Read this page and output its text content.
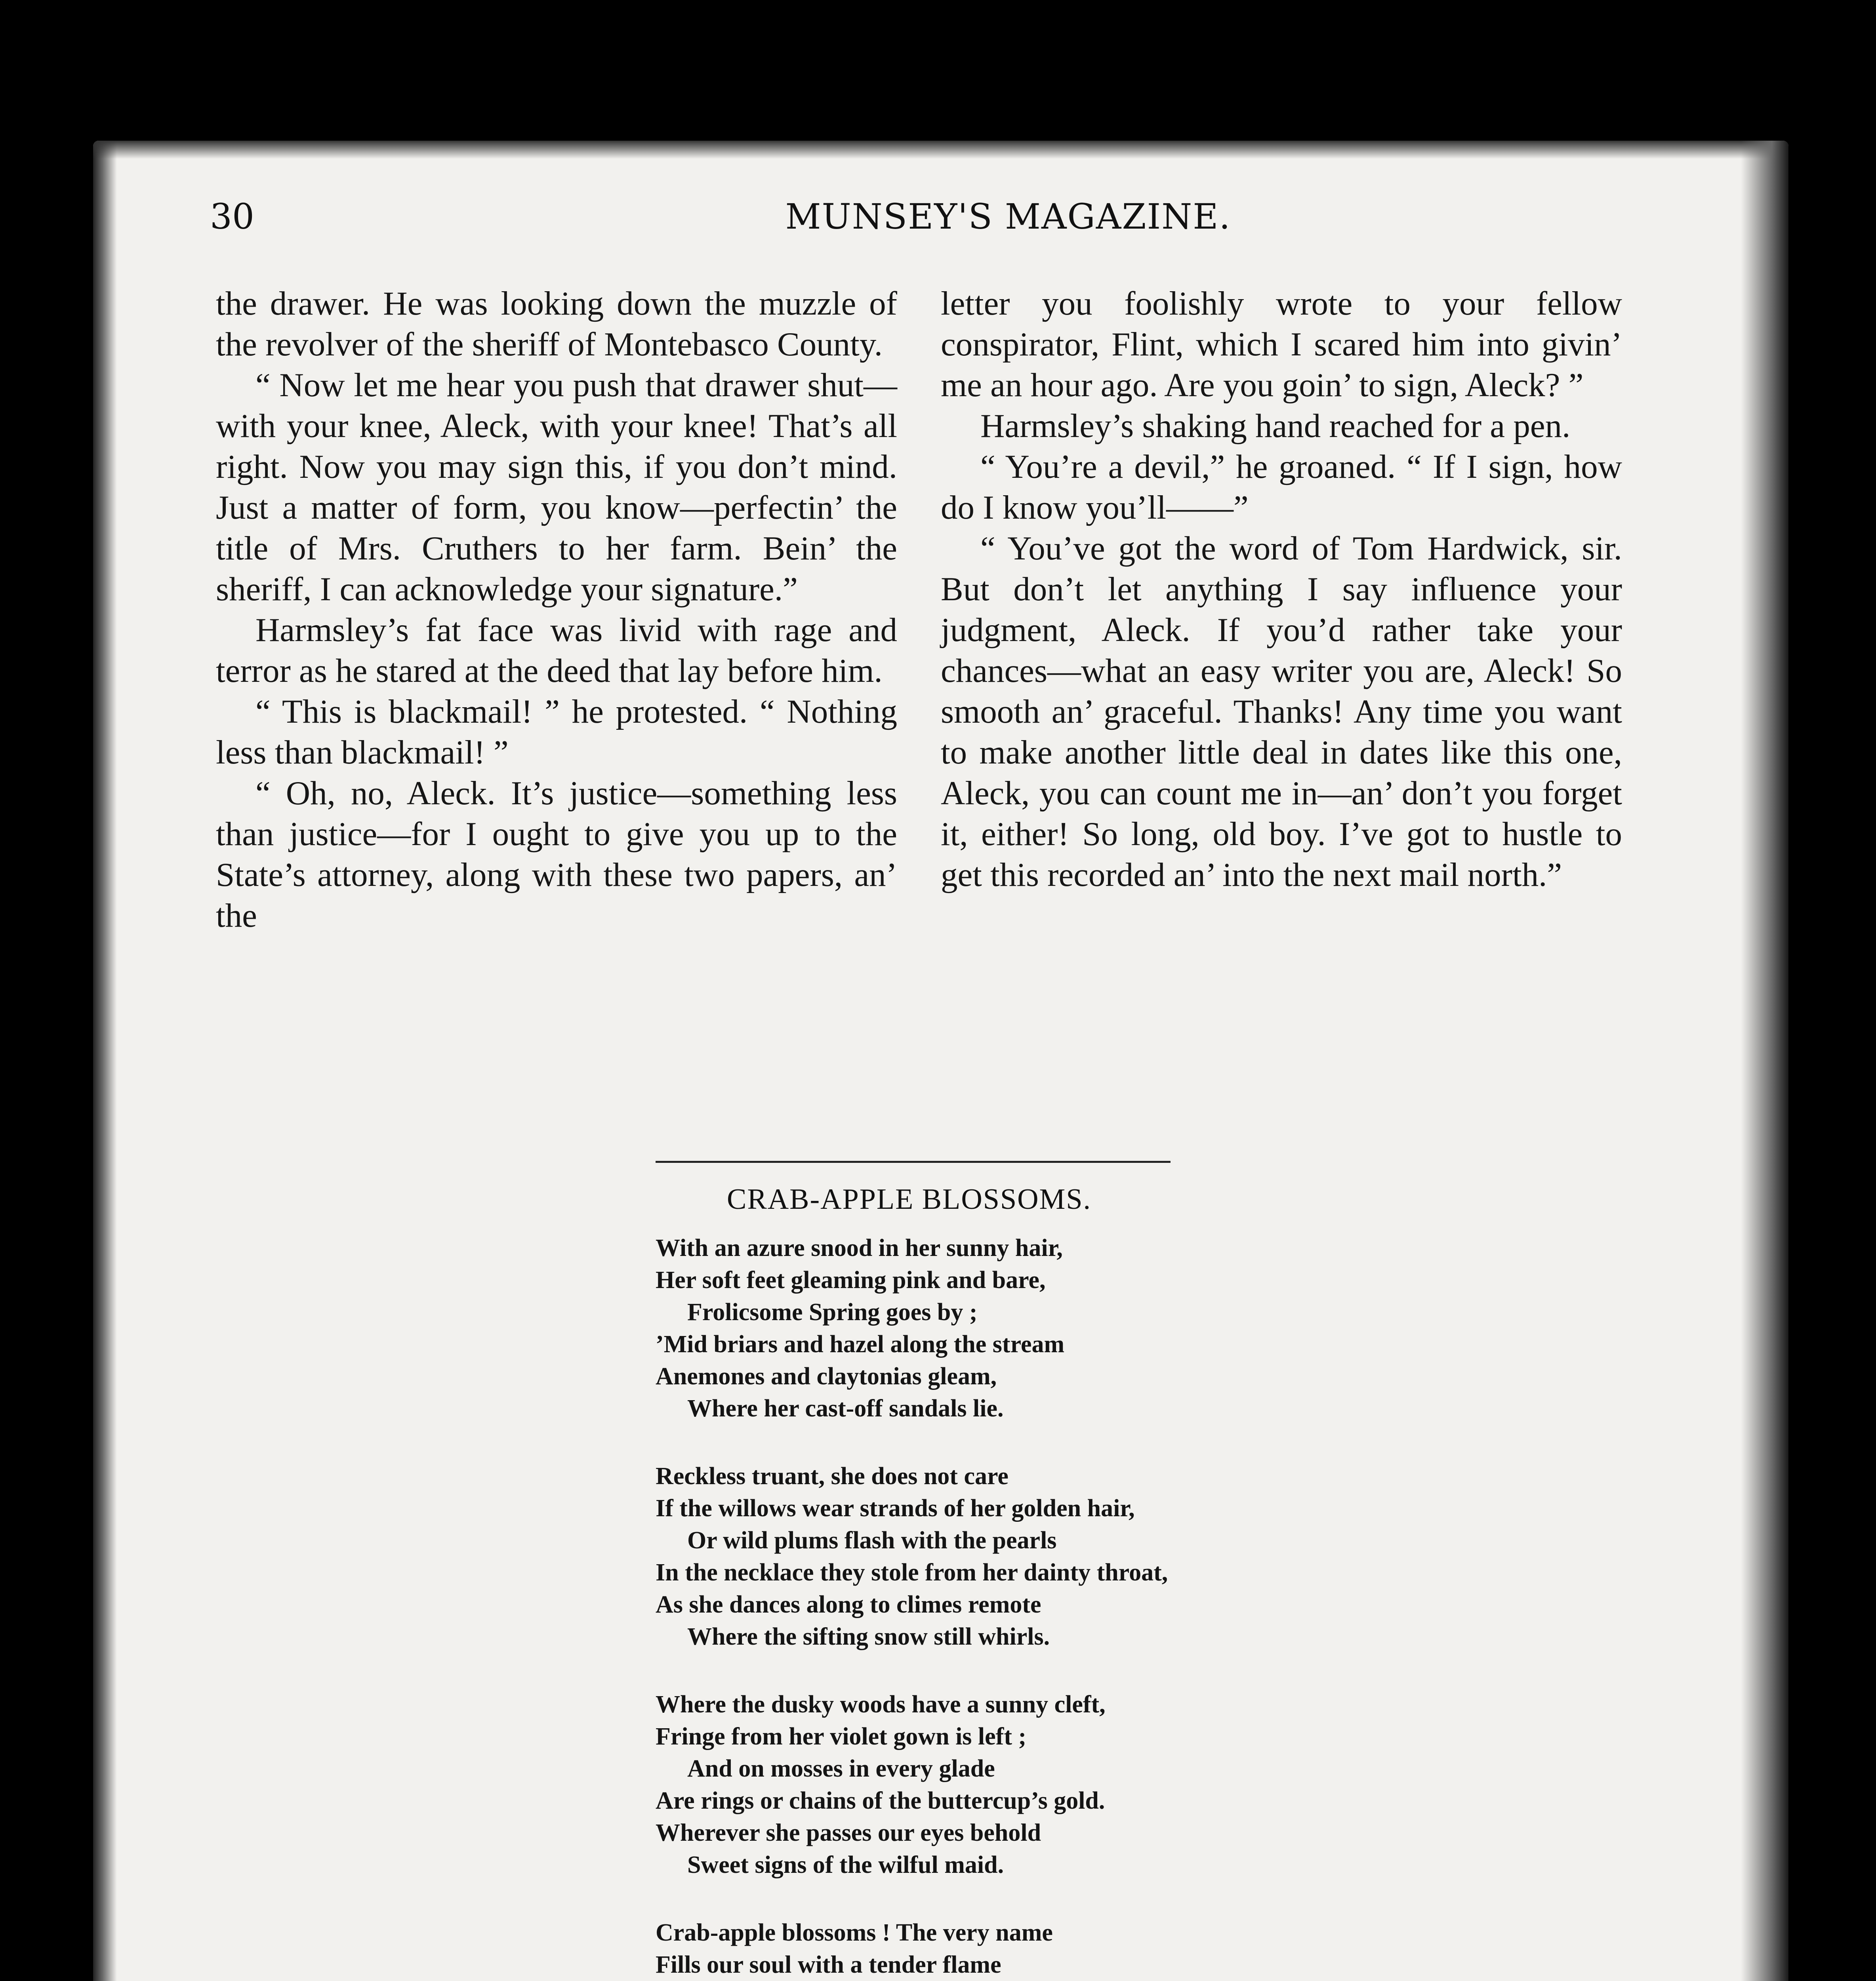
30	MUNSEY'S MAGAZINE.

the drawer. He was looking down the muzzle of the revolver of the sheriff of Montebasco County.

“ Now let me hear you push that drawer shut—with your knee, Aleck, with your knee! That’s all right. Now you may sign this, if you don’t mind. Just a matter of form, you know—perfectin’ the title of Mrs. Cruthers to her farm. Bein’ the sheriff, I can acknowledge your signature.”

Harmsley’s fat face was livid with rage and terror as he stared at the deed that lay before him.

“ This is blackmail! ” he protested. “ Nothing less than blackmail! ”

“ Oh, no, Aleck. It’s justice—something less than justice—for I ought to give you up to the State’s attorney, along with these two papers, an’ the

letter you foolishly wrote to your fellow conspirator, Flint, which I scared him into givin’ me an hour ago. Are you goin’ to sign, Aleck? ”

Harmsley’s shaking hand reached for a pen.

“ You’re a devil,” he groaned. “ If I sign, how do I know you’ll——”

“ You’ve got the word of Tom Hardwick, sir. But don’t let anything I say influence your judgment, Aleck. If you’d rather take your chances—what an easy writer you are, Aleck! So smooth an’ graceful. Thanks! Any time you want to make another little deal in dates like this one, Aleck, you can count me in—an’ don’t you forget it, either! So long, old boy. I’ve got to hustle to get this recorded an’ into the next mail north.”

CRAB-APPLE BLOSSOMS.
With an azure snood in her sunny hair,
Her soft feet gleaming pink and bare,
Frolicsome Spring goes by ;
’Mid briars and hazel along the stream
Anemones and claytonias gleam,
Where her cast-off sandals lie.
Reckless truant, she does not care
If the willows wear strands of her golden hair,
Or wild plums flash with the pearls
In the necklace they stole from her dainty throat,
As she dances along to climes remote
Where the sifting snow still whirls.
Where the dusky woods have a sunny cleft,
Fringe from her violet gown is left ;
And on mosses in every glade
Are rings or chains of the buttercup’s gold.
Wherever she passes our eyes behold
Sweet signs of the wilful maid.
Crab-apple blossoms ! The very name
Fills our soul with a tender flame
